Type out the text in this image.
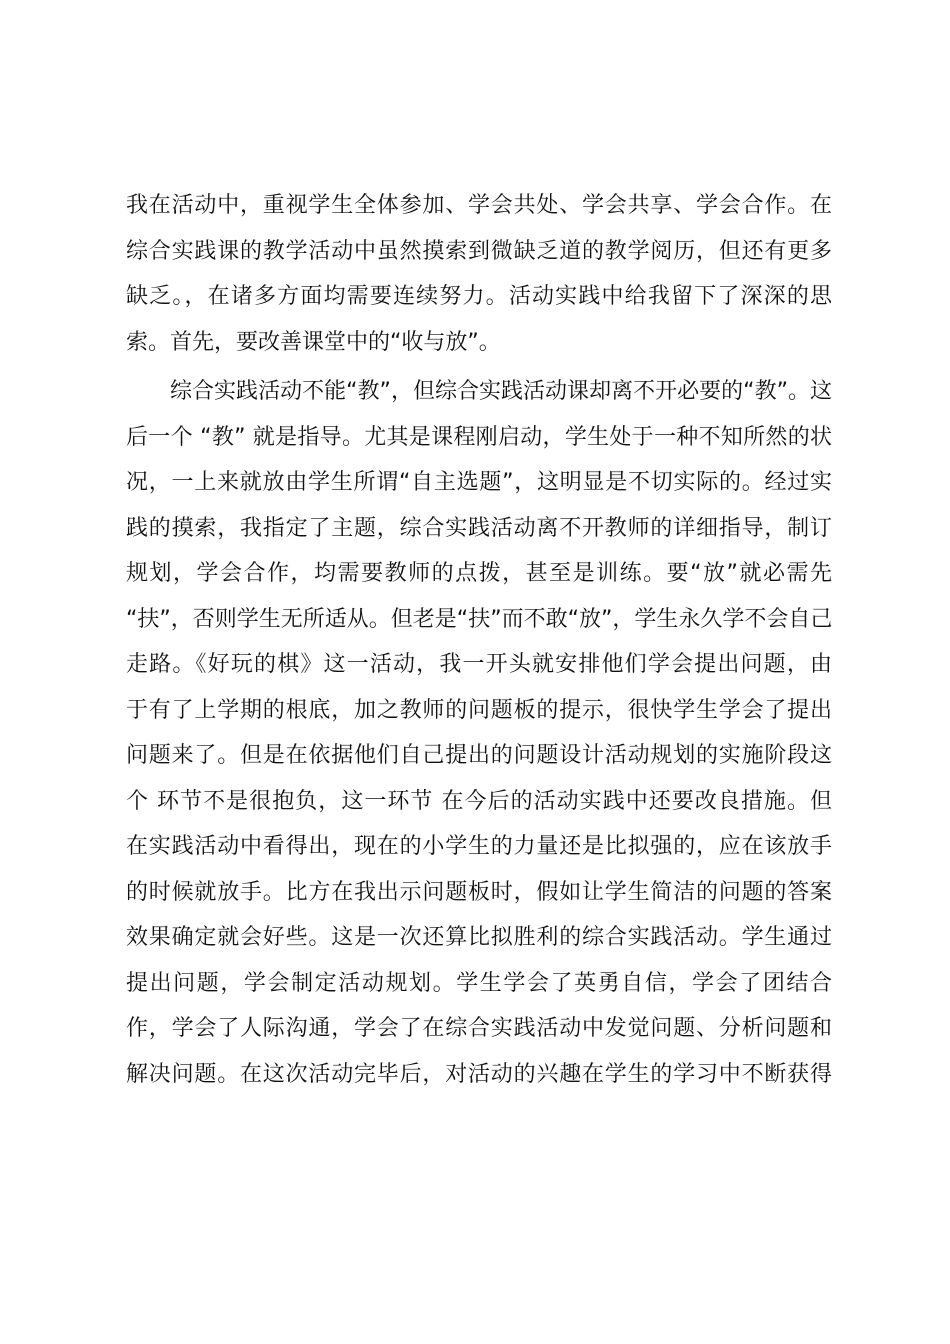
我在活动中，重视学生全体参加、学会共处、学会共享、学会合作。在
综合实践课的教学活动中虽然摸索到微缺乏道的教学阅历，但还有更多
缺乏。，在诸多方面均需要连续努力。活动实践中给我留下了深深的思
索。首先，要改善课堂中的“收与放”。
　　综合实践活动不能“教”，但综合实践活动课却离不开必要的“教”。这
后一个 “教” 就是指导。尤其是课程刚启动，学生处于一种不知所然的状
况，一上来就放由学生所谓“自主选题”，这明显是不切实际的。经过实
践的摸索，我指定了主题，综合实践活动离不开教师的详细指导，制订
规划，学会合作，均需要教师的点拨，甚至是训练。要“放”就必需先
“扶”，否则学生无所适从。但老是“扶”而不敢“放”，学生永久学不会自己
走路。《好玩的棋》这一活动，我一开头就安排他们学会提出问题，由
于有了上学期的根底，加之教师的问题板的提示，很快学生学会了提出
问题来了。但是在依据他们自己提出的问题设计活动规划的实施阶段这
个 环节不是很抱负，这一环节 在今后的活动实践中还要改良措施。但
在实践活动中看得出，现在的小学生的力量还是比拟强的，应在该放手
的时候就放手。比方在我出示问题板时，假如让学生简洁的问题的答案
效果确定就会好些。这是一次还算比拟胜利的综合实践活动。学生通过
提出问题，学会制定活动规划。学生学会了英勇自信，学会了团结合
作，学会了人际沟通，学会了在综合实践活动中发觉问题、分析问题和
解决问题。在这次活动完毕后，对活动的兴趣在学生的学习中不断获得
